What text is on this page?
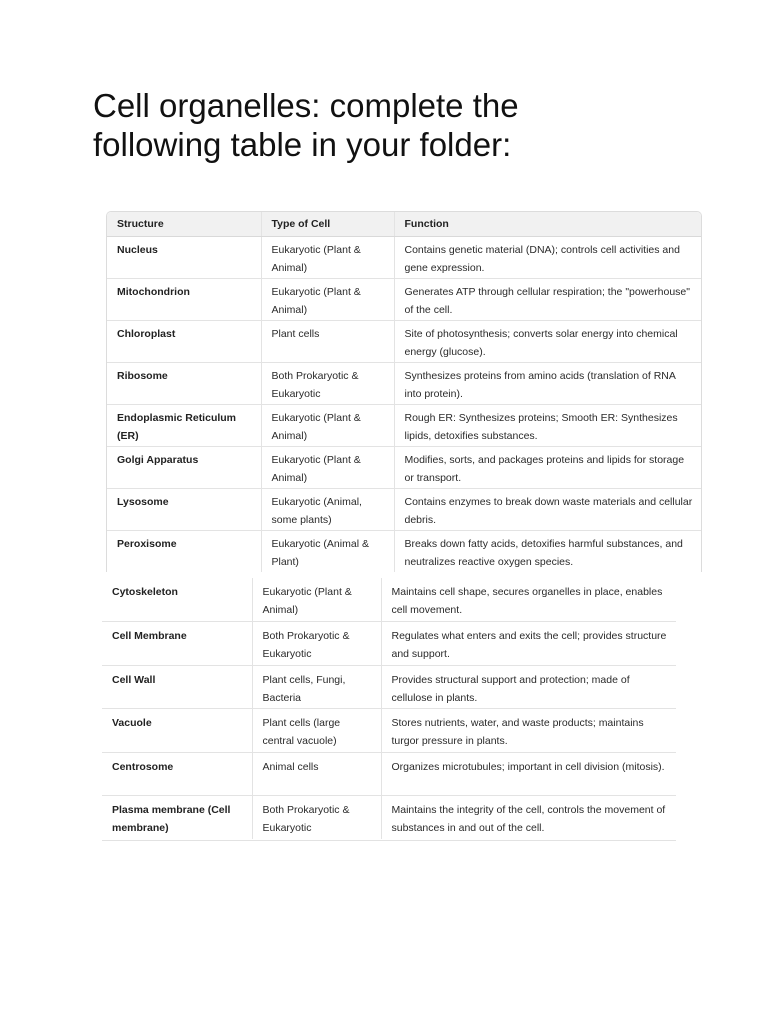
Cell organelles: complete the
following table in your folder:
Structure	Type of Cell	Function
Nucleus	Eukaryotic (Plant & Animal)	Contains genetic material (DNA); controls cell activities and gene expression.
Mitochondrion	Eukaryotic (Plant & Animal)	Generates ATP through cellular respiration; the "powerhouse" of the cell.
Chloroplast	Plant cells	Site of photosynthesis; converts solar energy into chemical energy (glucose).
Ribosome	Both Prokaryotic & Eukaryotic	Synthesizes proteins from amino acids (translation of RNA into protein).
Endoplasmic Reticulum (ER)	Eukaryotic (Plant & Animal)	Rough ER: Synthesizes proteins; Smooth ER: Synthesizes lipids, detoxifies substances.
Golgi Apparatus	Eukaryotic (Plant & Animal)	Modifies, sorts, and packages proteins and lipids for storage or transport.
Lysosome	Eukaryotic (Animal, some plants)	Contains enzymes to break down waste materials and cellular debris.
Peroxisome	Eukaryotic (Animal & Plant)	Breaks down fatty acids, detoxifies harmful substances, and neutralizes reactive oxygen species.
Cytoskeleton	Eukaryotic (Plant & Animal)	Maintains cell shape, secures organelles in place, enables cell movement.
Cell Membrane	Both Prokaryotic & Eukaryotic	Regulates what enters and exits the cell; provides structure and support.
Cell Wall	Plant cells, Fungi, Bacteria	Provides structural support and protection; made of cellulose in plants.
Vacuole	Plant cells (large central vacuole)	Stores nutrients, water, and waste products; maintains turgor pressure in plants.
Centrosome	Animal cells	Organizes microtubules; important in cell division (mitosis).
Plasma membrane (Cell membrane)	Both Prokaryotic & Eukaryotic	Maintains the integrity of the cell, controls the movement of substances in and out of the cell.
